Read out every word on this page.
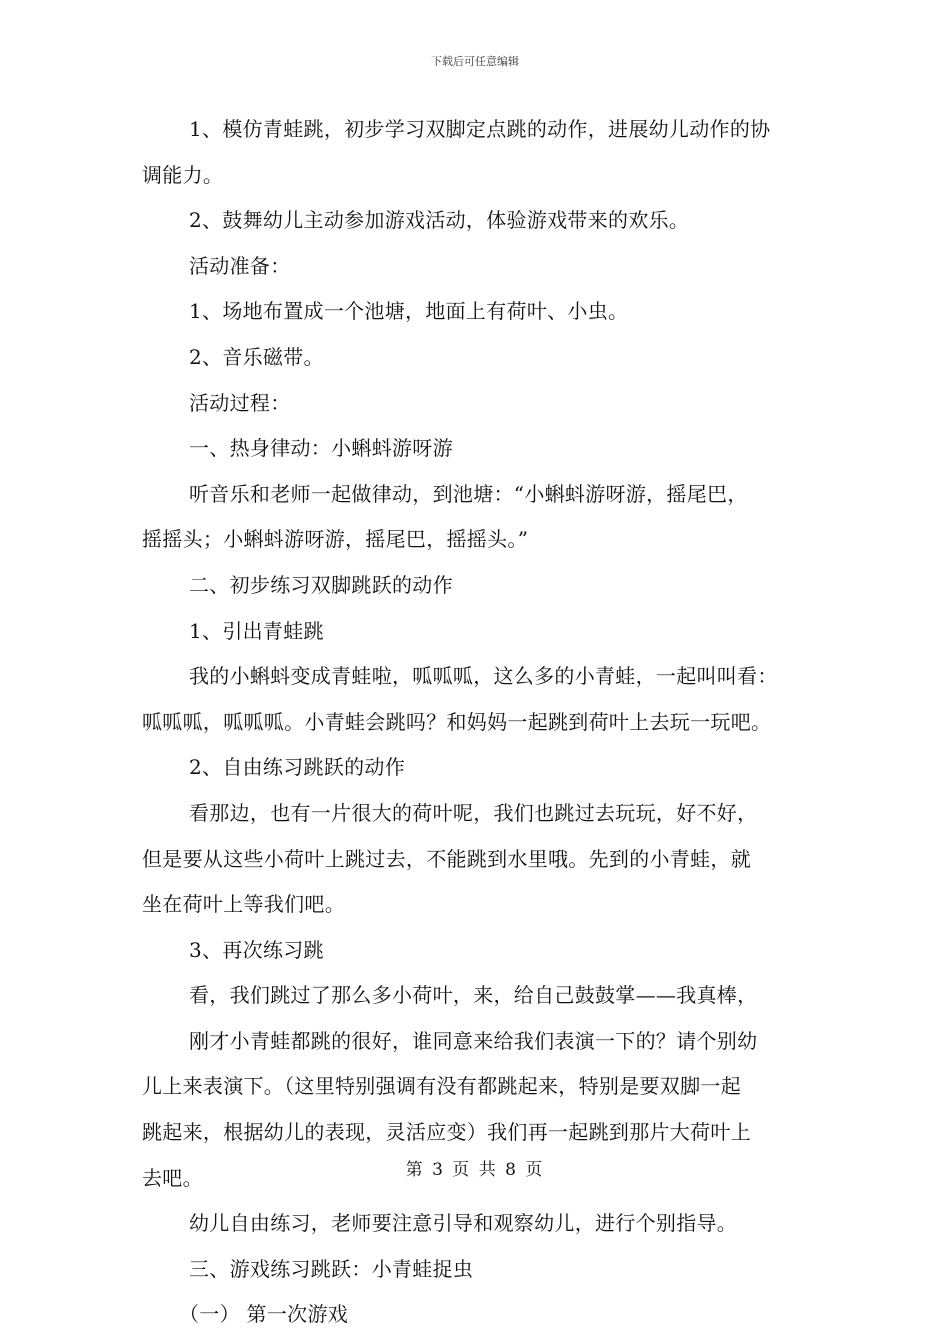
下载后可任意编辑
1、模仿青蛙跳，初步学习双脚定点跳的动作，进展幼儿动作的协
调能力。
2、鼓舞幼儿主动参加游戏活动，体验游戏带来的欢乐。
活动准备：
1、场地布置成一个池塘，地面上有荷叶、小虫。
2、音乐磁带。
活动过程：
一、热身律动：小蝌蚪游呀游
听音乐和老师一起做律动，到池塘：“小蝌蚪游呀游，摇尾巴，
摇摇头；小蝌蚪游呀游，摇尾巴，摇摇头。”
二、初步练习双脚跳跃的动作
1、引出青蛙跳
我的小蝌蚪变成青蛙啦，呱呱呱，这么多的小青蛙，一起叫叫看：
呱呱呱，呱呱呱。小青蛙会跳吗？和妈妈一起跳到荷叶上去玩一玩吧。
2、自由练习跳跃的动作
看那边，也有一片很大的荷叶呢，我们也跳过去玩玩，好不好，
但是要从这些小荷叶上跳过去，不能跳到水里哦。先到的小青蛙，就
坐在荷叶上等我们吧。
3、再次练习跳
看，我们跳过了那么多小荷叶，来，给自己鼓鼓掌——我真棒，
刚才小青蛙都跳的很好，谁同意来给我们表演一下的？请个别幼
儿上来表演下。（这里特别强调有没有都跳起来，特别是要双脚一起
跳起来，根据幼儿的表现，灵活应变）我们再一起跳到那片大荷叶上
去吧。
幼儿自由练习，老师要注意引导和观察幼儿，进行个别指导。
三、游戏练习跳跃：小青蛙捉虫
（一） 第一次游戏
第 3 页 共 8 页
